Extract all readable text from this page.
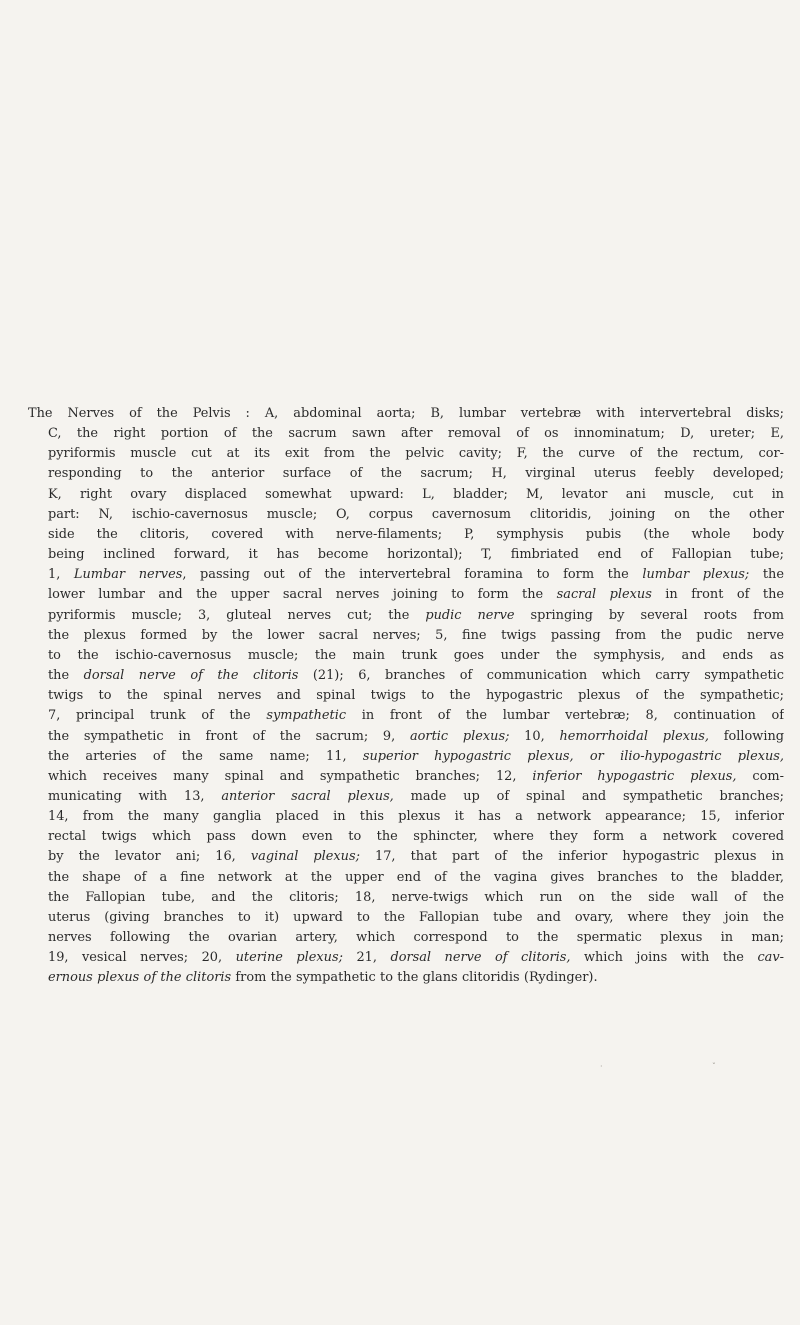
The Nerves of the Pelvis : A, abdominal aorta; B, lumbar vertebræ with intervertebral disks;
C, the right portion of the sacrum sawn after removal of os innominatum; D, ureter; E,
pyriformis muscle cut at its exit from the pelvic cavity; F, the curve of the rectum, cor-
responding to the anterior surface of the sacrum; H, virginal uterus feebly developed;
K, right ovary displaced somewhat upward: L, bladder; M, levator ani muscle, cut in
part: N, ischio-cavernosus muscle; O, corpus cavernosum clitoridis, joining on the other
side the clitoris, covered with nerve-filaments; P, symphysis pubis (the whole body
being inclined forward, it has become horizontal); T, fimbriated end of Fallopian tube;
1, Lumbar nerves, passing out of the intervertebral foramina to form the lumbar plexus; the
lower lumbar and the upper sacral nerves joining to form the sacral plexus in front of the
pyriformis muscle; 3, gluteal nerves cut; the pudic nerve springing by several roots from
the plexus formed by the lower sacral nerves; 5, fine twigs passing from the pudic nerve
to the ischio-cavernosus muscle; the main trunk goes under the symphysis, and ends as
the dorsal nerve of the clitoris (21); 6, branches of communication which carry sympathetic
twigs to the spinal nerves and spinal twigs to the hypogastric plexus of the sympathetic;
7, principal trunk of the sympathetic in front of the lumbar vertebræ; 8, continuation of
the sympathetic in front of the sacrum; 9, aortic plexus; 10, hemorrhoidal plexus, following
the arteries of the same name; 11, superior hypogastric plexus, or ilio-hypogastric plexus,
which receives many spinal and sympathetic branches; 12, inferior hypogastric plexus, com-
municating with 13, anterior sacral plexus, made up of spinal and sympathetic branches;
14, from the many ganglia placed in this plexus it has a network appearance; 15, inferior
rectal twigs which pass down even to the sphincter, where they form a network covered
by the levator ani; 16, vaginal plexus; 17, that part of the inferior hypogastric plexus in
the shape of a fine network at the upper end of the vagina gives branches to the bladder,
the Fallopian tube, and the clitoris; 18, nerve-twigs which run on the side wall of the
uterus (giving branches to it) upward to the Fallopian tube and ovary, where they join the
nerves following the ovarian artery, which correspond to the spermatic plexus in man;
19, vesical nerves; 20, uterine plexus; 21, dorsal nerve of clitoris, which joins with the cav-
ernous plexus of the clitoris from the sympathetic to the glans clitoridis (Rydinger).
·                                           ˇ
